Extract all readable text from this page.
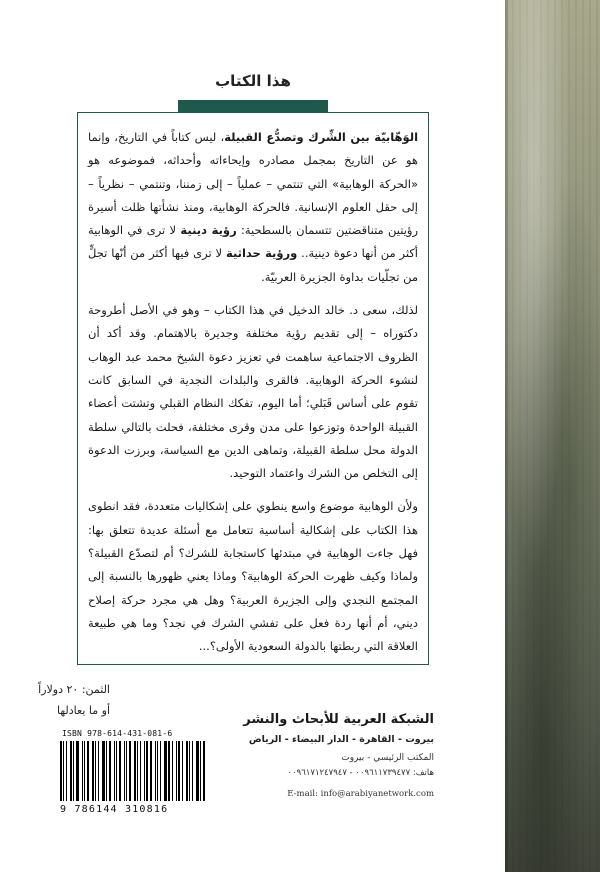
هذا الكتاب

الوَهّابيّة بين الشِّرك وتصدُّع القبيلة، ليس كتاباً في التاريخ، وإنما هو عن التاريخ بمجمل مصادره وإيحاءاته وأحداثه، فموضوعه هو «الحركة الوهابية» التي تنتمي – عملياً – إلى زمننا، وتنتمي – نظرياً – إلى حقل العلوم الإنسانية. فالحركة الوهابية، ومنذ نشأتها ظلت أسيرة رؤيتين متناقضتين تتسمان بالسطحية: رؤية دينية لا ترى في الوهابية أكثر من أنها دعوة دينية.. ورؤية حداثية لا ترى فيها أكثر من أنّها تجلٍّ من تجلّيات بداوة الجزيرة العربيّة.

لذلك، سعى د. خالد الدخيل في هذا الكتاب – وهو في الأصل أطروحة دكتوراه – إلى تقديم رؤية مختلفة وجديرة بالاهتمام. وقد أكد أن الظروف الاجتماعية ساهمت في تعزيز دعوة الشيخ محمد عبد الوهاب لنشوء الحركة الوهابية. فالقرى والبلدات النجدية في السابق كانت تقوم على أساس قَبَلي؛ أما اليوم، تفكك النظام القبلي وتشتت أعضاء القبيلة الواحدة وتوزعوا على مدن وقرى مختلفة، فحلت بالتالي سلطة الدولة محل سلطة القبيلة، وتماهى الدين مع السياسة، وبرزت الدعوة إلى التخلص من الشرك واعتماد التوحيد.

ولأن الوهابية موضوع واسع ينطوي على إشكاليات متعددة، فقد انطوى هذا الكتاب على إشكالية أساسية تتعامل مع أسئلة عديدة تتعلق بها: فهل جاءت الوهابية في مبتدئها كاستجابة للشرك؟ أم لتصدّع القبيلة؟ ولماذا وكيف ظهرت الحركة الوهابية؟ وماذا يعني ظهورها بالنسبة إلى المجتمع النجدي وإلى الجزيرة العربية؟ وهل هي مجرد حركة إصلاح ديني، أم أنها ردة فعل على تفشي الشرك في نجد؟ وما هي طبيعة العلاقة التي ربطتها بالدولة السعودية الأولى؟...

الثمن: ٢٠ دولاراً
أو ما يعادلها
ISBN 978-614-431-081-6
9 786144 310816
الشبكة العربية للأبحاث والنشر
بيروت - القاهرة - الدار البيضاء - الرياض
المكتب الرئيسي - بيروت
هاتف: ٠٠٩٦١١٧٣٩٤٧٧ - ٠٠٩٦١٧١٢٤٧٩٤٧
E-mail: info@arabiyanetwork.com
